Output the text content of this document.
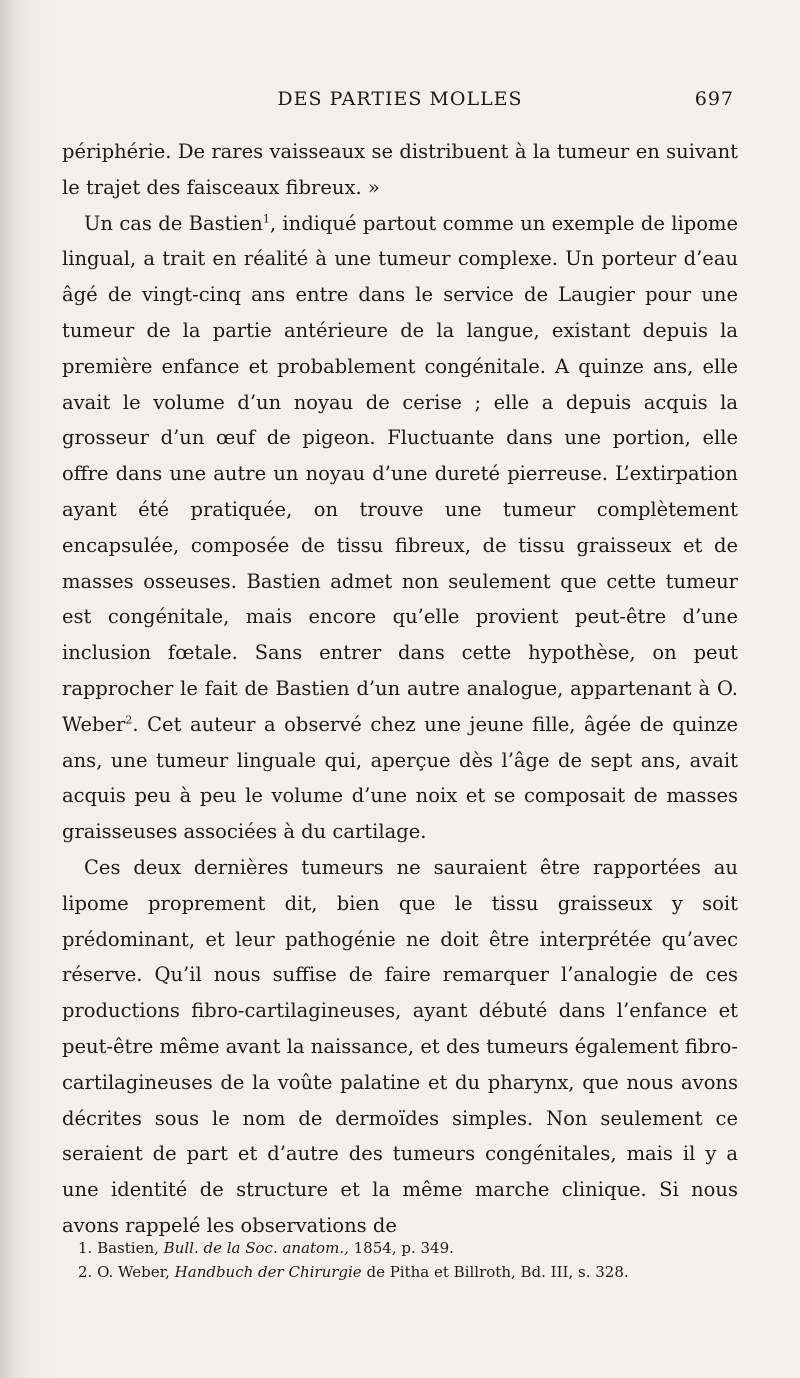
DES PARTIES MOLLES	697

périphérie. De rares vaisseaux se distribuent à la tumeur en suivant le trajet des faisceaux fibreux. »

Un cas de Bastien$^1$, indiqué partout comme un exemple de lipome lingual, a trait en réalité à une tumeur complexe. Un porteur d’eau âgé de vingt-cinq ans entre dans le service de Laugier pour une tumeur de la partie antérieure de la langue, existant depuis la première enfance et probablement congénitale. A quinze ans, elle avait le volume d’un noyau de cerise ; elle a depuis acquis la grosseur d’un œuf de pigeon. Fluctuante dans une portion, elle offre dans une autre un noyau d’une dureté pierreuse. L’extirpation ayant été pratiquée, on trouve une tumeur complètement encapsulée, composée de tissu fibreux, de tissu graisseux et de masses osseuses. Bastien admet non seulement que cette tumeur est congénitale, mais encore qu’elle provient peut-être d’une inclusion fœtale. Sans entrer dans cette hypothèse, on peut rapprocher le fait de Bastien d’un autre analogue, appartenant à O. Weber$^2$. Cet auteur a observé chez une jeune fille, âgée de quinze ans, une tumeur linguale qui, aperçue dès l’âge de sept ans, avait acquis peu à peu le volume d’une noix et se composait de masses graisseuses associées à du cartilage.

Ces deux dernières tumeurs ne sauraient être rapportées au lipome proprement dit, bien que le tissu graisseux y soit prédominant, et leur pathogénie ne doit être interprétée qu’avec réserve. Qu’il nous suffise de faire remarquer l’analogie de ces productions fibro-cartilagineuses, ayant débuté dans l’enfance et peut-être même avant la naissance, et des tumeurs également fibro-cartilagineuses de la voûte palatine et du pharynx, que nous avons décrites sous le nom de dermoïdes simples. Non seulement ce seraient de part et d’autre des tumeurs congénitales, mais il y a une identité de structure et la même marche clinique. Si nous avons rappelé les observations de

1. Bastien, Bull. de la Soc. anatom., 1854, p. 349.

2. O. Weber, Handbuch der Chirurgie de Pitha et Billroth, Bd. III, s. 328.
